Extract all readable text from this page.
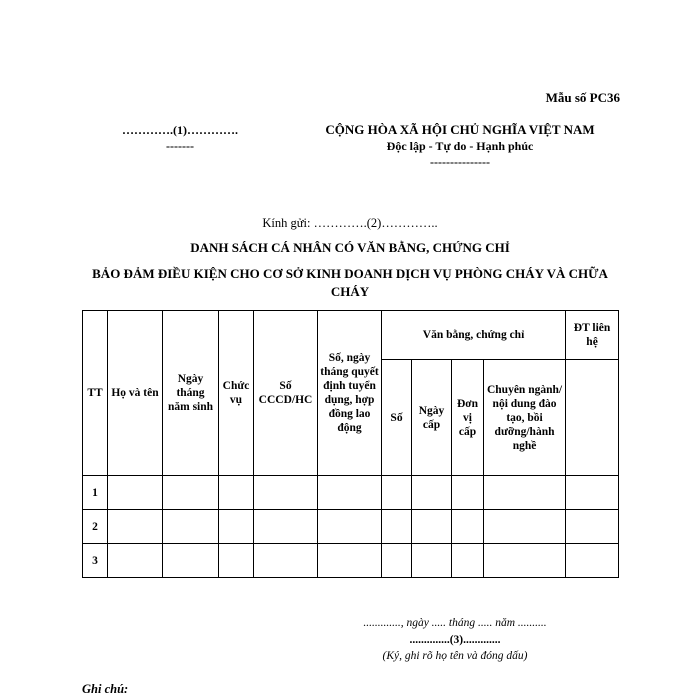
Mẫu số PC36
………….(1)………….
-------
CỘNG HÒA XÃ HỘI CHỦ NGHĨA VIỆT NAM
Độc lập - Tự do - Hạnh phúc
---------------
Kính gửi: ………….(2)…………..
DANH SÁCH CÁ NHÂN CÓ VĂN BẰNG, CHỨNG CHỈ
BẢO ĐẢM ĐIỀU KIỆN CHO CƠ SỞ KINH DOANH DỊCH VỤ PHÒNG CHÁY VÀ CHỮA CHÁY
TT	Họ và tên	Ngày tháng năm sinh	Chức vụ	Số CCCD/HC	Số, ngày tháng quyết định tuyển dụng, hợp đồng lao động	Văn bằng, chứng chỉ				ĐT liên hệ
						Số	Ngày cấp	Đơn vị cấp	Chuyên ngành/ nội dung đào tạo, bồi dưỡng/hành nghề	
1										
2										
3										
............., ngày ..... tháng ..... năm ..........
..............(3).............
(Ký, ghi rõ họ tên và đóng dấu)
Ghi chú:
